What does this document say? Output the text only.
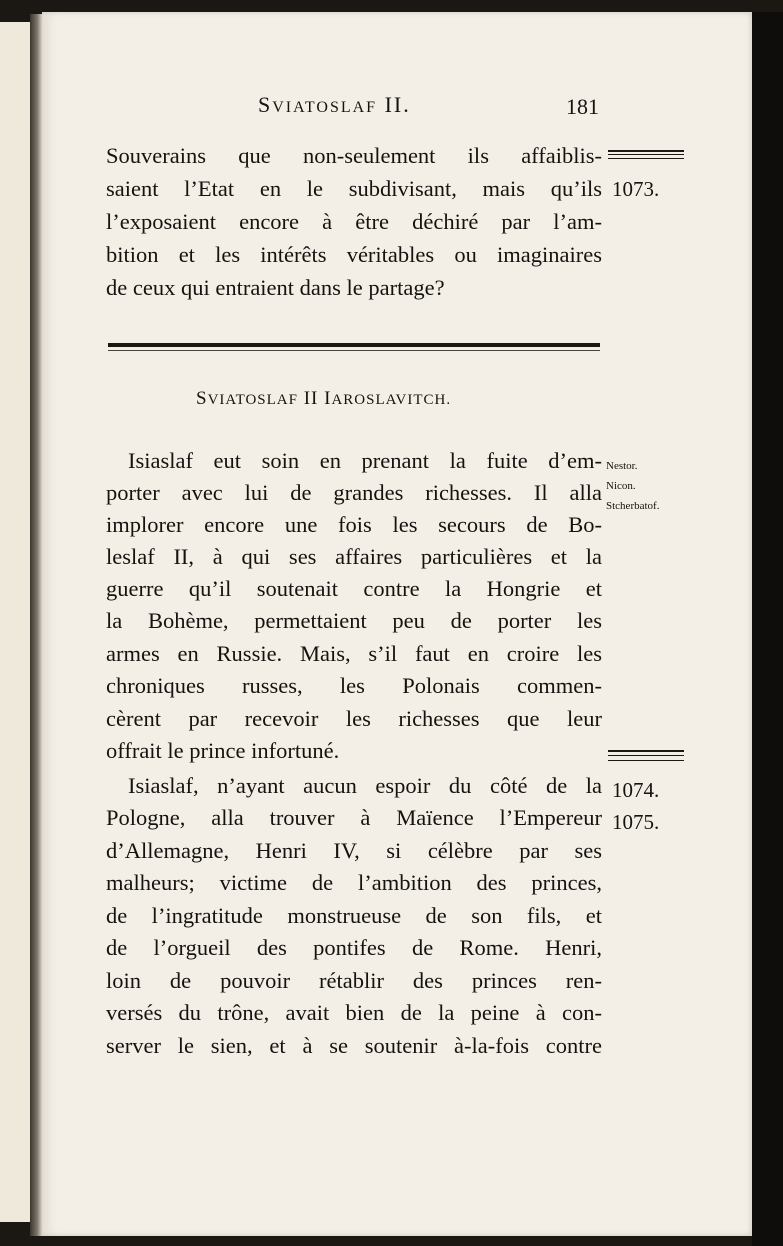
SVIATOSLAF II.	181
Souverains que non-seulement ils affaiblis-
saient l’Etat en le subdivisant, mais qu’ils
l’exposaient encore à être déchiré par l’am-
bition et les intérêts véritables ou imaginaires
de ceux qui entraient dans le partage?
SVIATOSLAF II IAROSLAVITCH.
Isiaslaf eut soin en prenant la fuite d’em-
porter avec lui de grandes richesses. Il alla
implorer encore une fois les secours de Bo-
leslaf II, à qui ses affaires particulières et la
guerre qu’il soutenait contre la Hongrie et
la Bohème, permettaient peu de porter les
armes en Russie. Mais, s’il faut en croire les
chroniques russes, les Polonais commen-
cèrent par recevoir les richesses que leur
offrait le prince infortuné.
Isiaslaf, n’ayant aucun espoir du côté de la
Pologne, alla trouver à Maïence l’Empereur
d’Allemagne, Henri IV, si célèbre par ses
malheurs; victime de l’ambition des princes,
de l’ingratitude monstrueuse de son fils, et
de l’orgueil des pontifes de Rome. Henri,
loin de pouvoir rétablir des princes ren-
versés du trône, avait bien de la peine à con-
server le sien, et à se soutenir à-la-fois contre
1073.
Nestor.
Nicon.
Stcherbatof.
1074.
1075.
